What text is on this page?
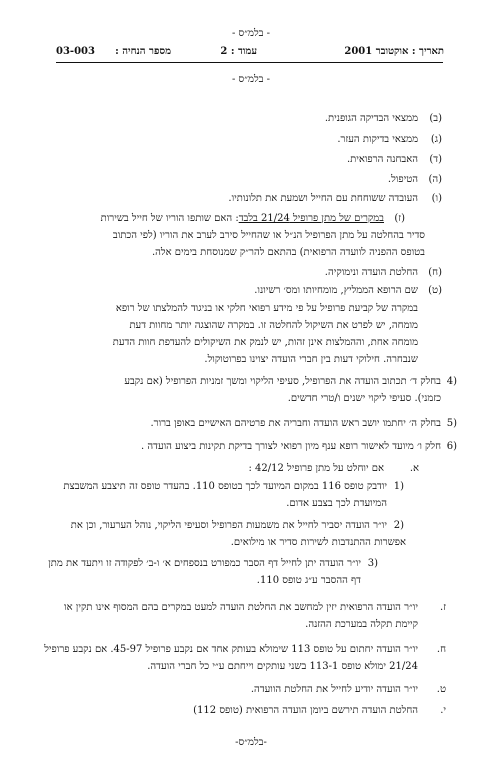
- בלמ״ס -
תאריך : אוקטובר 2001
עמוד : 2
מספר הנחיה :
03-003
- בלמ״ס -
(ב)
ממצאי הבדיקה הגופנית.
(ג)
ממצאי בדיקות העזר.
(ד)
האבחנה הרפואית.
(ה)
הטיפול.
(ו)
העובדה ששוחחת עם החייל ושמעת את תלונותיו.
(ז)
במקרים של מתן פרופיל 21/24 בלבד: האם שותפו הוריו של חייל בשירות
סדיר בהחלטה על מתן הפרופיל הנ״ל או שהחייל סירב לערב את הוריו (לפי הכתוב
בטופס ההפניה לוועדה הרפואית) בהתאם להר״ק שמנוסחת בימים אלה.
(ח)
החלטת הועדה ונימוקיה.
(ט)
שם הרופא הממליץ, מומחיותו ומס׳ רשיונו.
במקרה של קביעת פרופיל על פי מידע רפואי חלקי או בניגוד להמלצתו של רופא
מומחה, יש לפרט את השיקול להחלטה זו. במקרה שהוצגה יותר מחוות דעת
מומחה אחת, וההמלצות אינן זהות, יש לנמק את השיקולים להעדפת חוות הדעת
שנבחרה. חילוקי דעות בין חברי הועדה יצוינו בפרוטוקול.
4)
בחלק ד׳ תכתוב הועדה את הפרופיל, סעיפי הליקוי ומשך זמניות הפרופיל (אם נקבע
כזמני). סעיפי ליקוי ישנים ו/טרי חדשים.
5)
בחלק ה׳ יחתמו יושב ראש הועדה וחבריה את פרטיהם האישיים באופן ברור.
6)
חלק ו׳ מיועד לאישור רופא ענף מיון רפואי לצורך בדיקת תקינות ביצוע הועדה .
א.
אם יוחלט על מתן פרופיל 42/12 :
1)
יודבק טופס 116 במקום המיועד לכך בטופס 110. בהעדר טופס זה תיצבע המשבצת
המיועדת לכך בצבע אדום.
2)
יו״ר הועדה יסביר לחייל את משמעות הפרופיל וסעיפי הליקוי, נוהל הערעור, וכן את
אפשרות ההתנדבות לשירות סדיר או מילואים.
3)
יו״ר הועדה יתן לחייל דף הסבר כמפורט בנספחים א׳ ו-ב׳ לפקודה זו ויתעד את מתן
דף ההסבר ע״ג טופס 110.
ז.
יו״ר הועדה הרפואית יזין למחשב את החלטת הועדה למעט במקרים בהם המסוף אינו תקין או
קיימת תקלה במערכת ההזנה.
ח.
יו״ר הועדה יחתום על טופס 113 שימולא בעותק אחד אם נקבע פרופיל 45-97. אם נקבע פרופיל
21/24 ימולא טופס 113-1 בשני עותקים וייחתם ע״י כל חברי הועדה.
ט.
יו״ר הועדה יודיע לחייל את החלטת הוועדה.
י.
החלטת הועדה תירשם ביומן הועדה הרפואית (טופס 112)
-בלמ״ס-
